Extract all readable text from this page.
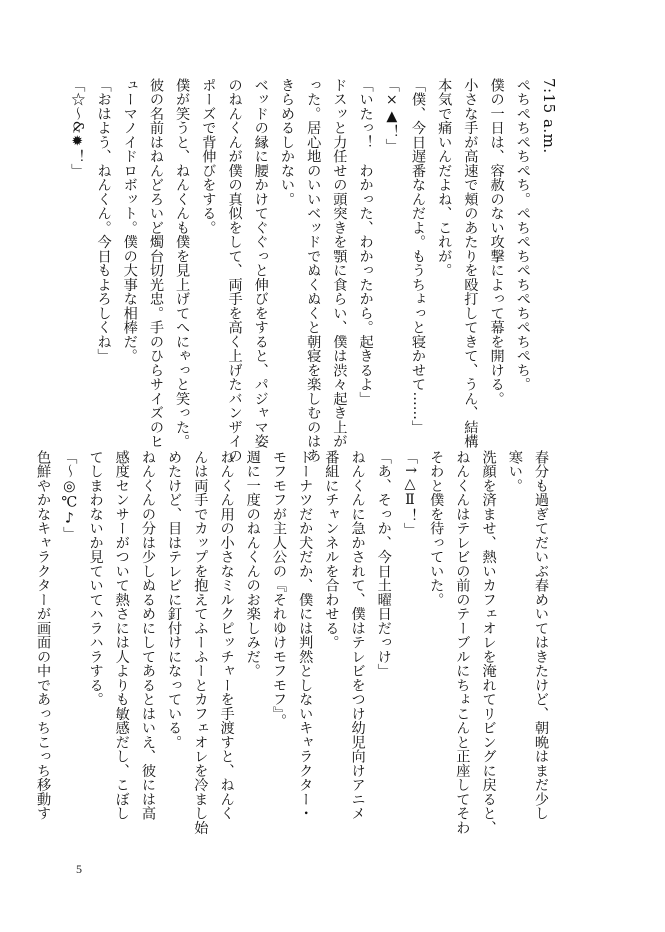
7:15 a.m.

ぺちぺちぺちぺち。ぺちぺちぺちぺちぺちぺち。

僕の一日は、容赦のない攻撃によって幕を開ける。

小さな手が高速で頬のあたりを殴打してきて、うん、結構

本気で痛いんだよね、これが。

「僕、今日遅番なんだよ。もうちょっと寝かせて……」

「×▲！」

「いたっ！　わかった、わかったから。起きるよ」

ドスッと力任せの頭突きを顎に食らい、僕は渋々起き上が

った。居心地のいいベッドでぬくぬくと朝寝を楽しむのはあ

きらめるしかない。

ベッドの縁に腰かけてぐぐっと伸びをすると、パジャマ姿

のねんくんが僕の真似をして、両手を高く上げたバンザイの

ポーズで背伸びをする。

僕が笑うと、ねんくんも僕を見上げてへにゃっと笑った。

彼の名前はねんどろいど燭台切光忠。手のひらサイズのヒ

ューマノイドロボット。僕の大事な相棒だ。

「おはよう、ねんくん。今日もよろしくね」

「☆～&✹！」

春分も過ぎてだいぶ春めいてはきたけど、朝晩はまだ少し

寒い。

洗顔を済ませ、熱いカフェオレを淹れてリビングに戻ると、

ねんくんはテレビの前のテーブルにちょこんと正座してそわ

そわと僕を待っていた。

「↑△Ⅱ！」

「あ、そっか、今日土曜日だっけ」

ねんくんに急かされて、僕はテレビをつけ幼児向けアニメ

番組にチャンネルを合わせる。

ドーナツだか犬だか、僕には判然としないキャラクター・

モフモフが主人公の『それゆけモフモフ』。

週に一度のねんくんのお楽しみだ。

ねんくん用の小さなミルクピッチャーを手渡すと、ねんく

んは両手でカップを抱えてふーふーとカフェオレを冷まし始

めたけど、目はテレビに釘付けになっている。

ねんくんの分は少しぬるめにしてあるとはいえ、彼には高

感度センサーがついて熱さには人よりも敏感だし、こぼし

てしまわないか見ていてハラハラする。

「～◎℃♪」

色鮮やかなキャラクターが画面の中であっちこっち移動す

5
